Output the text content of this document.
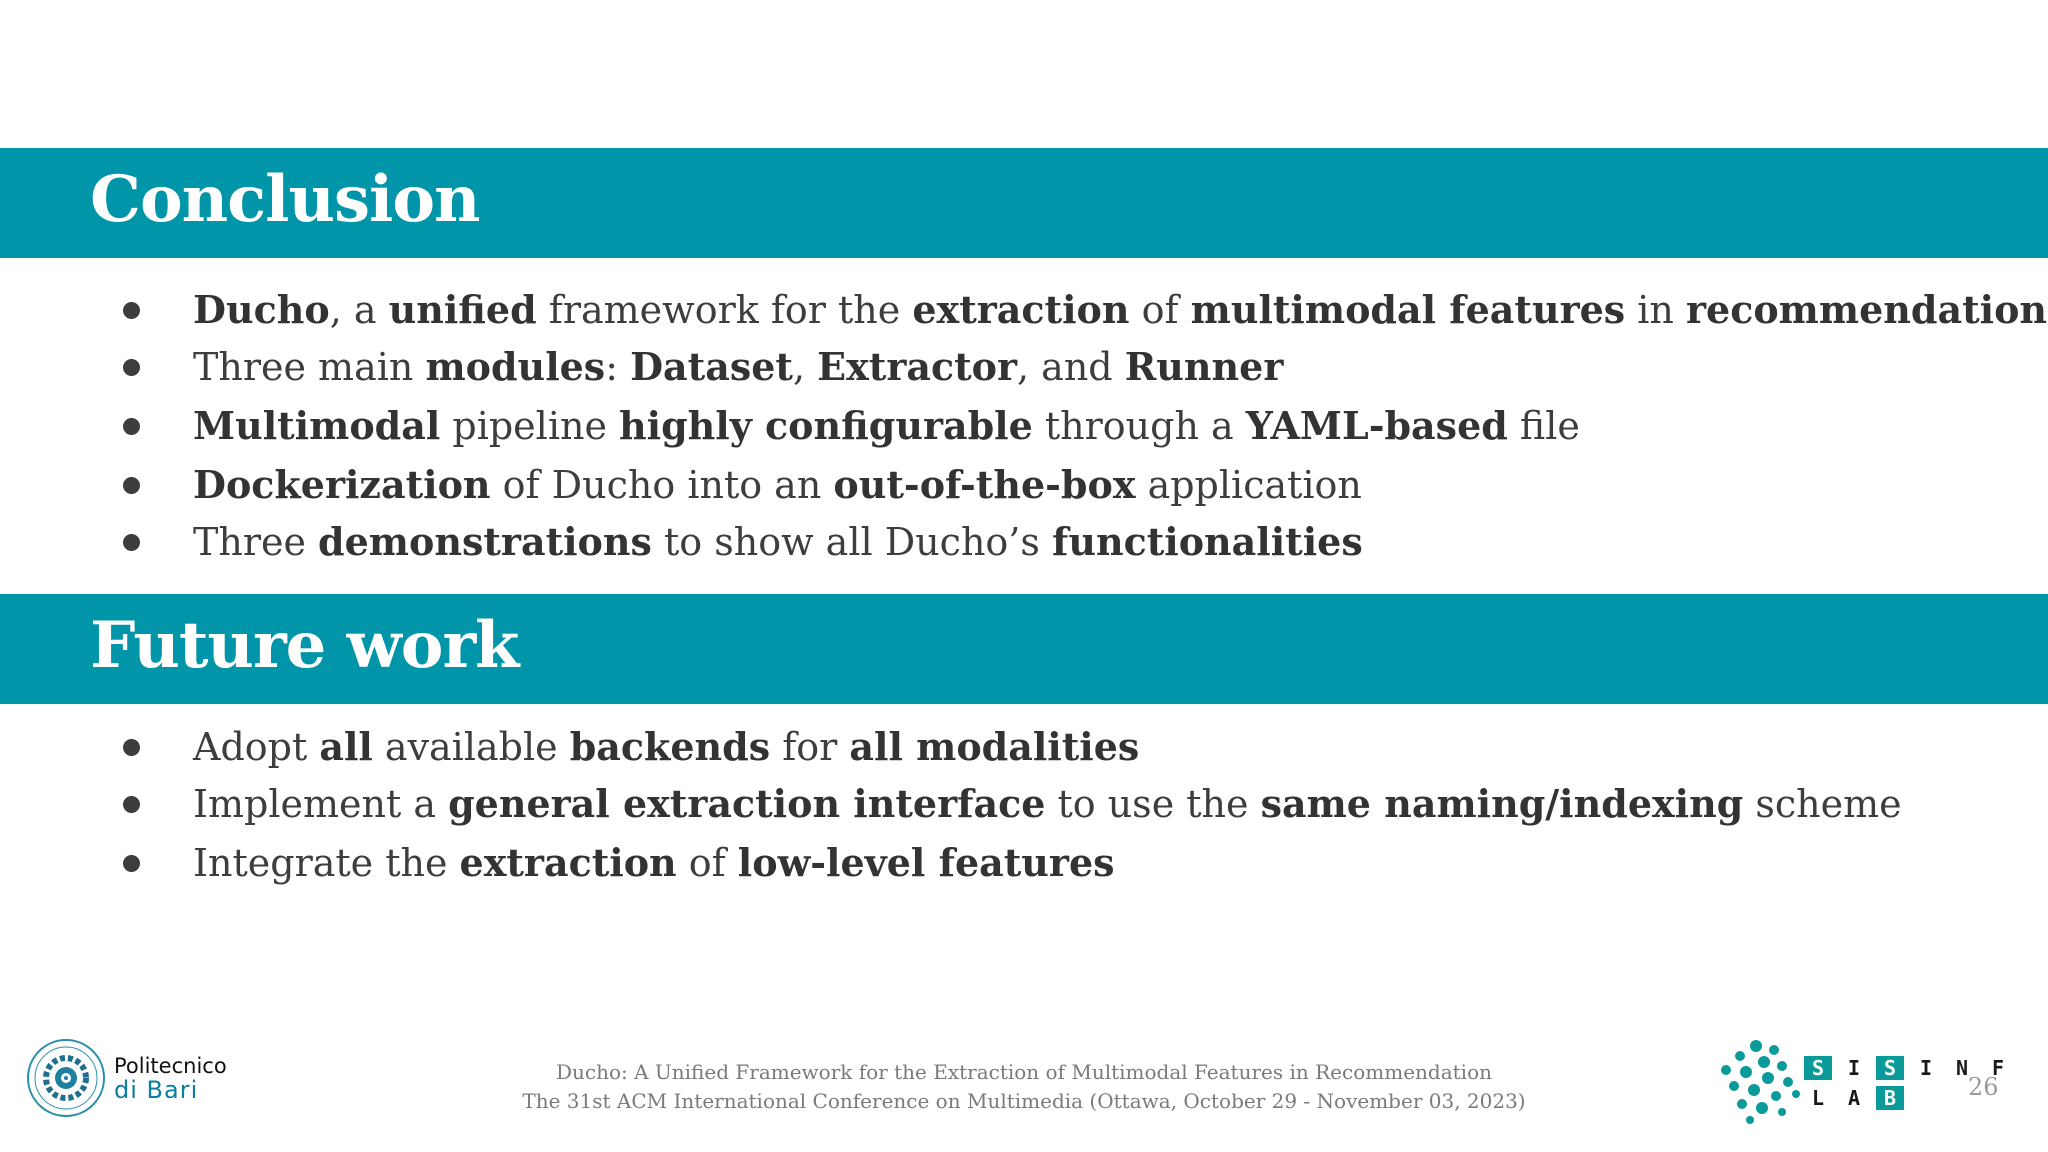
Conclusion
Ducho, a unified framework for the extraction of multimodal features in recommendation
Three main modules: Dataset, Extractor, and Runner
Multimodal pipeline highly configurable through a YAML-based file
Dockerization of Ducho into an out-of-the-box application
Three demonstrations to show all Ducho’s functionalities
Future work
Adopt all available backends for all modalities
Implement a general extraction interface to use the same naming/indexing scheme
Integrate the extraction of low-level features
Ducho: A Unified Framework for the Extraction of Multimodal Features in Recommendation
The 31st ACM International Conference on Multimedia (Ottawa, October 29 - November 03, 2023)	26
Politecnico
di Bari
S	I	S	I	N	F
L	A	B
